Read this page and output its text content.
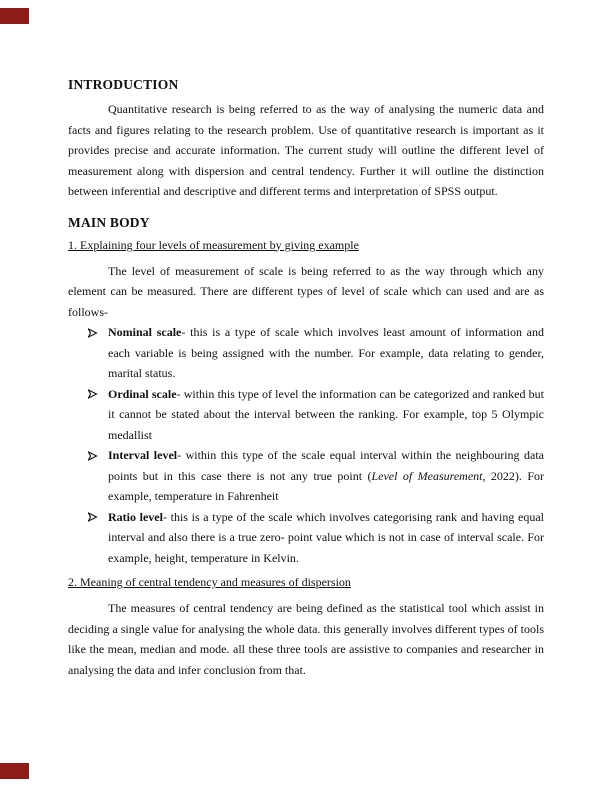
INTRODUCTION

Quantitative research is being referred to as the way of analysing the numeric data and facts and figures relating to the research problem. Use of quantitative research is important as it provides precise and accurate information. The current study will outline the different level of measurement along with dispersion and central tendency. Further it will outline the distinction between inferential and descriptive and different terms and interpretation of SPSS output.

MAIN BODY
1. Explaining four levels of measurement by giving example

The level of measurement of scale is being referred to as the way through which any element can be measured. There are different types of level of scale which can used and are as follows-

Nominal scale- this is a type of scale which involves least amount of information and each variable is being assigned with the number. For example, data relating to gender, marital status.
Ordinal scale- within this type of level the information can be categorized and ranked but it cannot be stated about the interval between the ranking. For example, top 5 Olympic medallist
Interval level- within this type of the scale equal interval within the neighbouring data points but in this case there is not any true point (Level of Measurement, 2022). For example, temperature in Fahrenheit
Ratio level- this is a type of the scale which involves categorising rank and having equal interval and also there is a true zero- point value which is not in case of interval scale. For example, height, temperature in Kelvin.
2. Meaning of central tendency and measures of dispersion

The measures of central tendency are being defined as the statistical tool which assist in deciding a single value for analysing the whole data. this generally involves different types of tools like the mean, median and mode. all these three tools are assistive to companies and researcher in analysing the data and infer conclusion from that.
